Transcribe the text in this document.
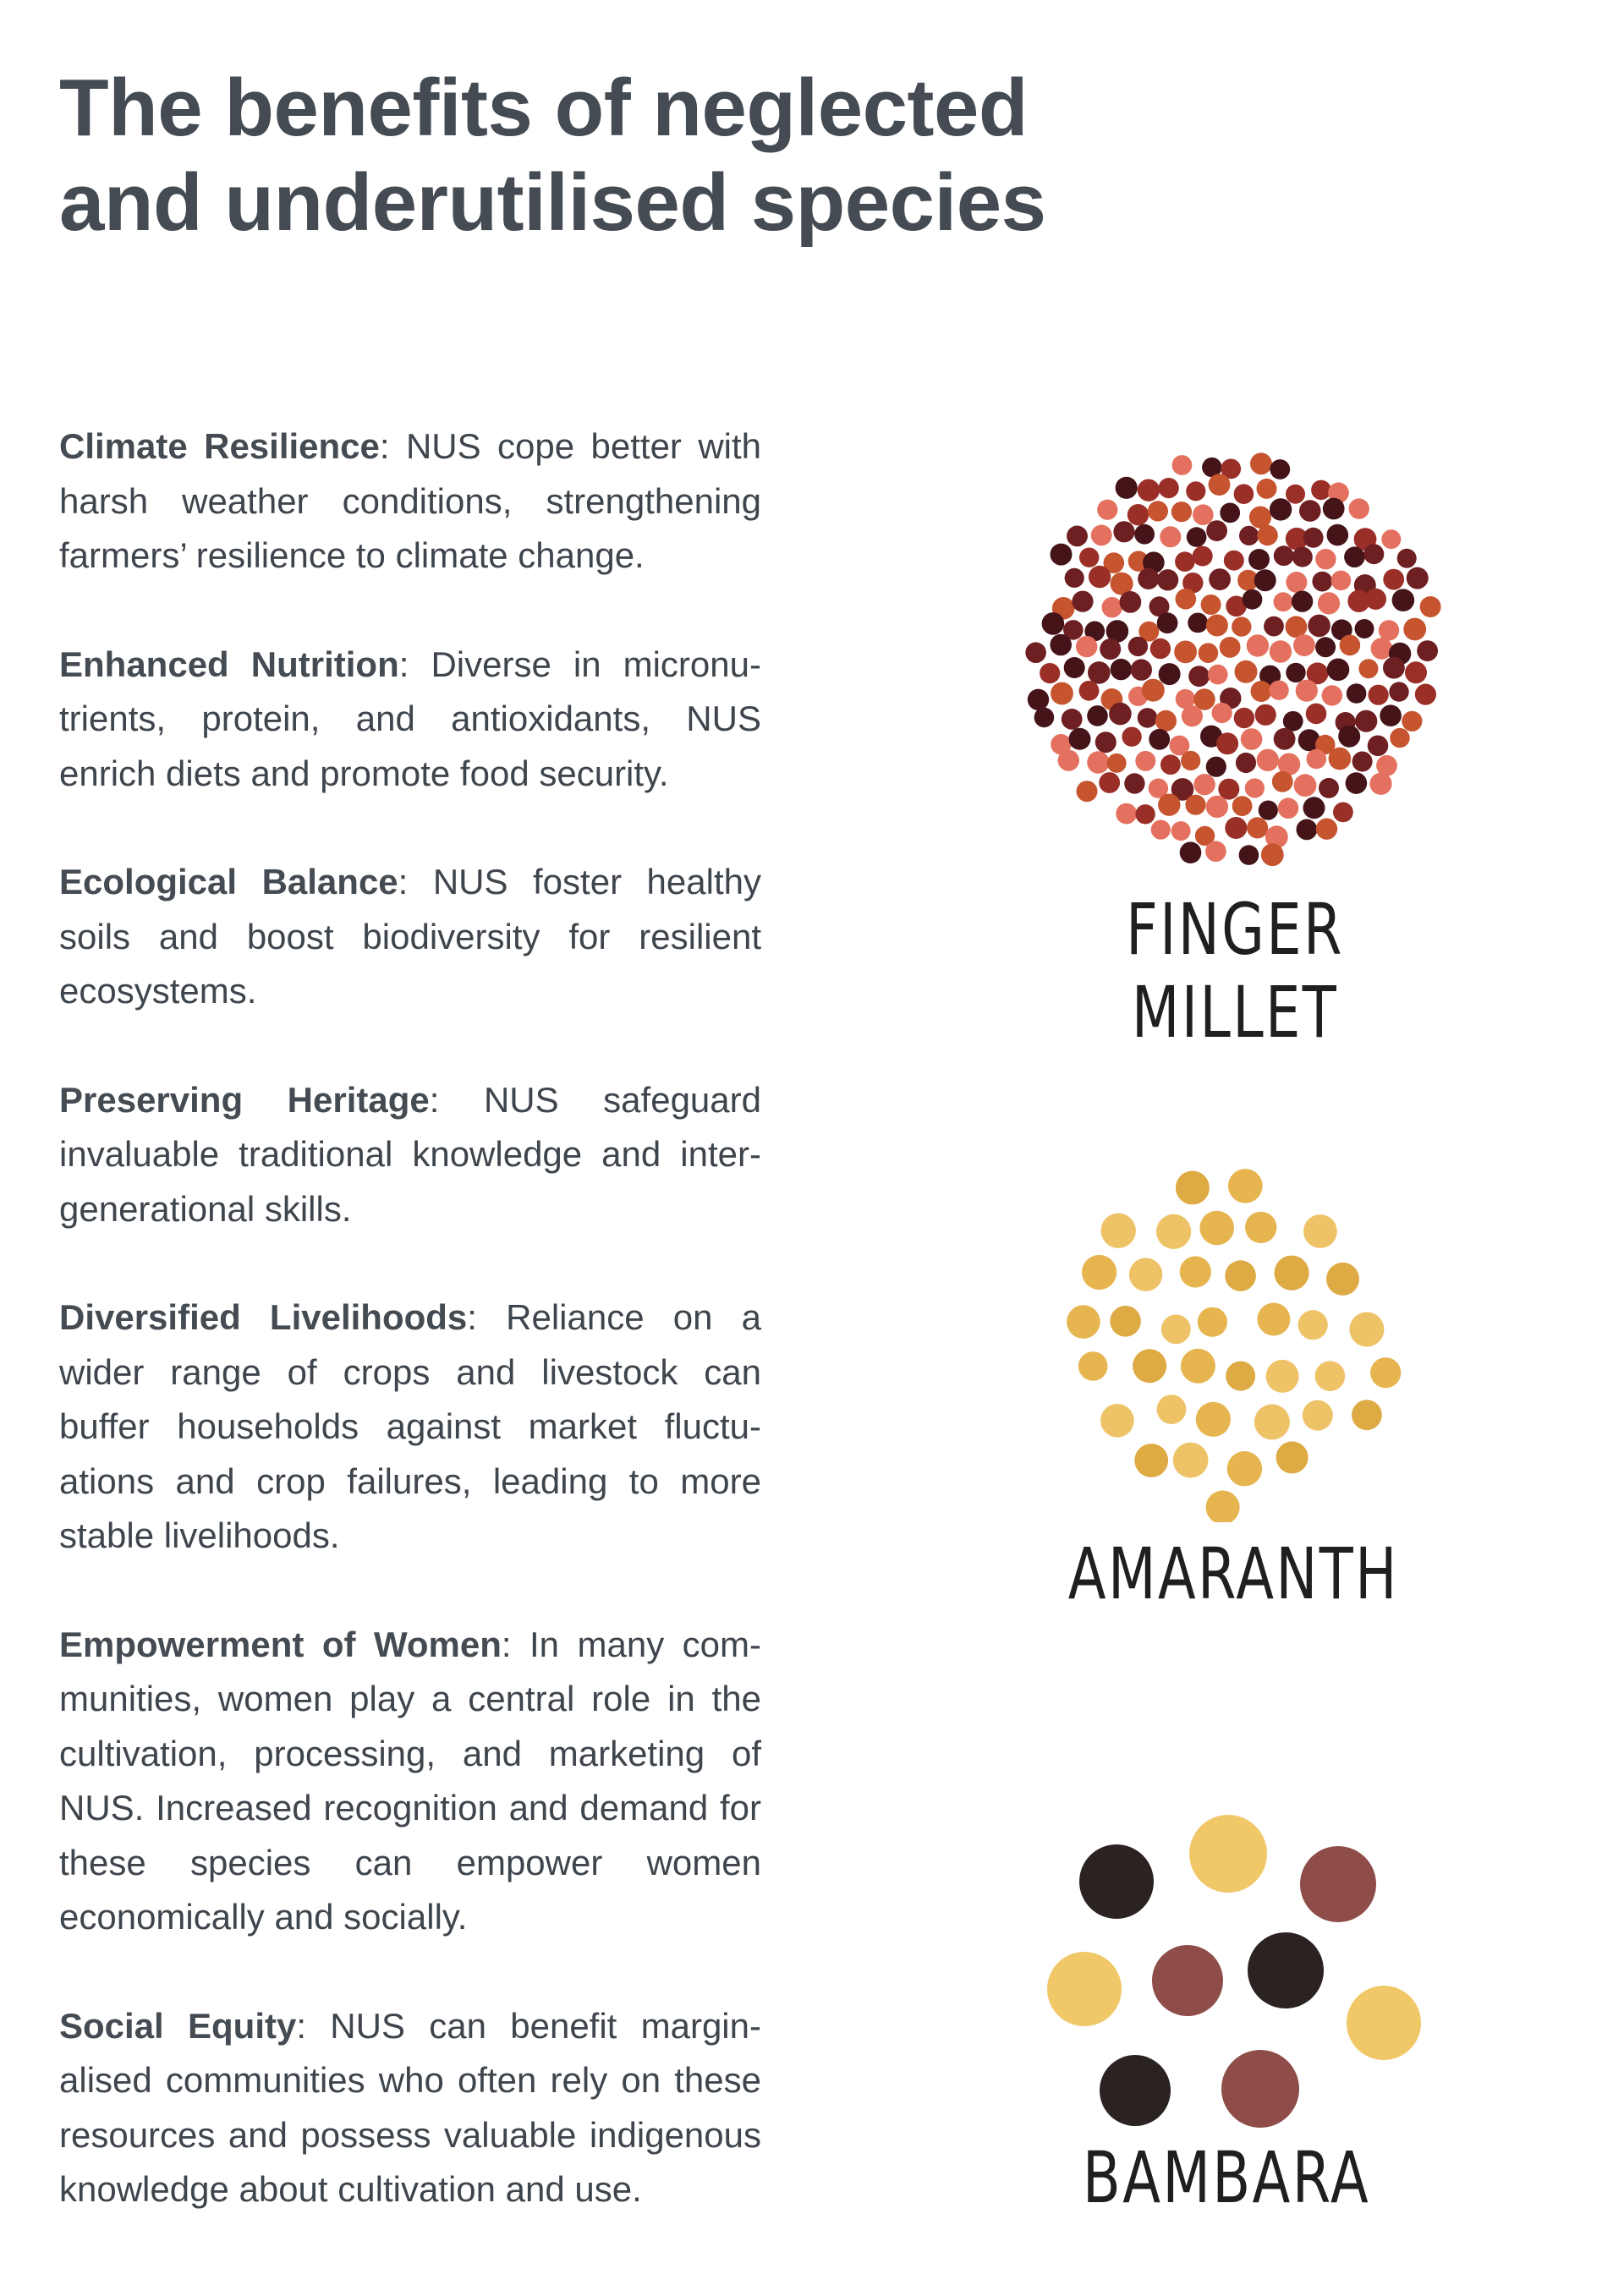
The benefits of neglected
and underutilised species

Climate Resilience: NUS cope better with harsh weather conditions, strengthening farmers’ resilience to climate change.

Enhanced Nutrition: Diverse in micronu-trients, protein, and antioxidants, NUS enrich diets and promote food security.

Ecological Balance: NUS foster healthy soils and boost biodiversity for resilient ecosystems.

Preserving Heritage: NUS safeguard invaluable traditional knowledge and inter-generational skills.

Diversified Livelihoods: Reliance on a wider range of crops and livestock can buffer households against market fluctu-ations and crop failures, leading to more stable livelihoods.

Empowerment of Women: In many com-munities, women play a central role in the cultivation, processing, and marketing of NUS. Increased recognition and demand for these species can empower women economically and socially.

Social Equity: NUS can benefit margin-alised communities who often rely on these resources and possess valuable indigenous knowledge about cultivation and use.

FINGER MILLET
AMARANTH
BAMBARA
